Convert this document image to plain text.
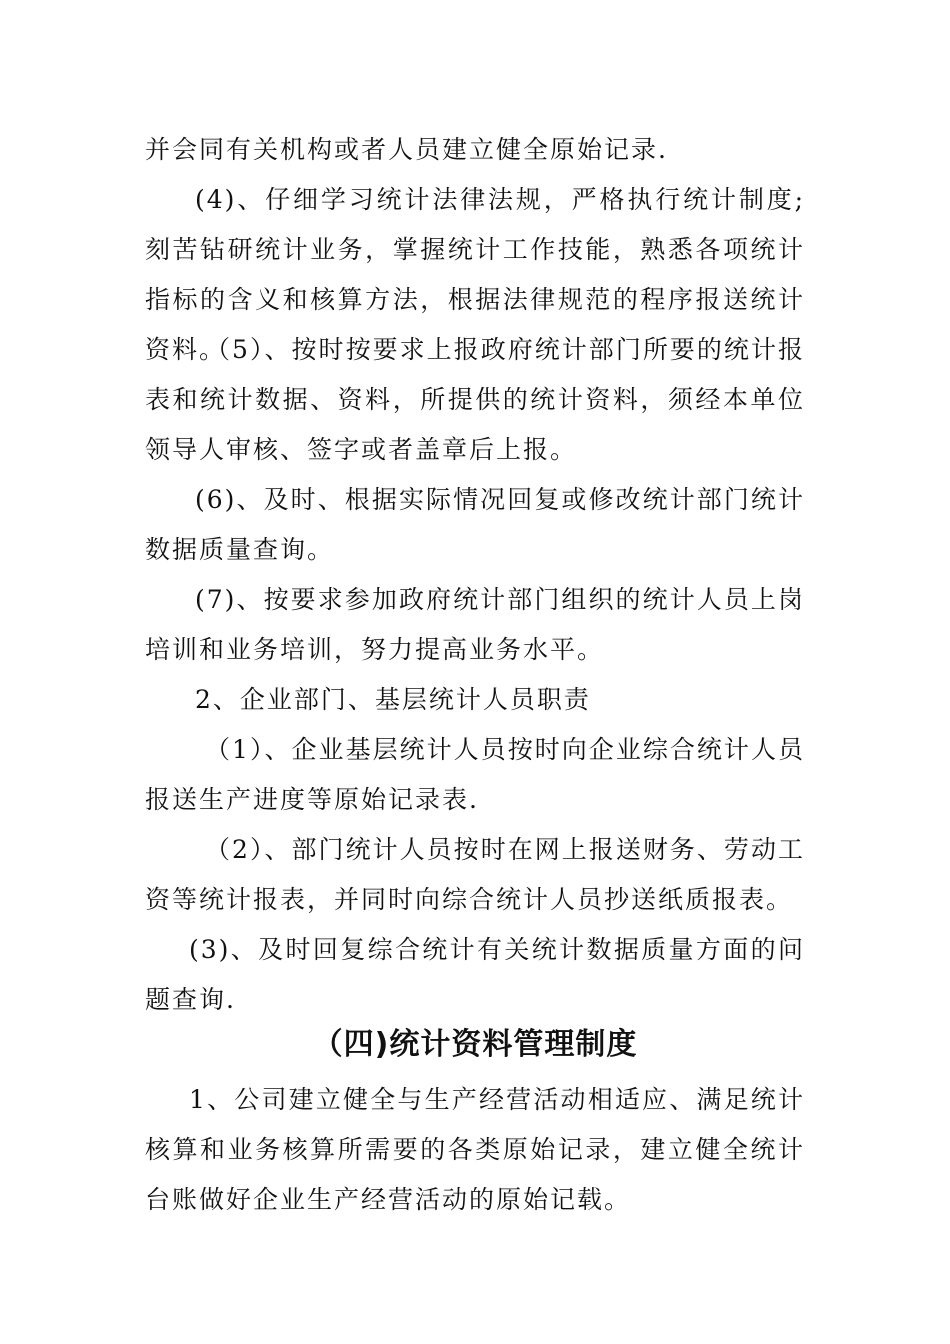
并会同有关机构或者人员建立健全原始记录.

(4)、仔细学习统计法律法规，严格执行统计制度;刻苦钻研统计业务，掌握统计工作技能，熟悉各项统计指标的含义和核算方法，根据法律规范的程序报送统计资料。

（5）、按时按要求上报政府统计部门所要的统计报表和统计数据、资料，所提供的统计资料，须经本单位领导人审核、签字或者盖章后上报。

(6)、及时、根据实际情况回复或修改统计部门统计数据质量查询。

(7)、按要求参加政府统计部门组织的统计人员上岗培训和业务培训，努力提高业务水平。

2、企业部门、基层统计人员职责

（1）、企业基层统计人员按时向企业综合统计人员报送生产进度等原始记录表.

（2）、部门统计人员按时在网上报送财务、劳动工资等统计报表，并同时向综合统计人员抄送纸质报表。

(3)、及时回复综合统计有关统计数据质量方面的问题查询.

（四)统计资料管理制度

1、公司建立健全与生产经营活动相适应、满足统计核算和业务核算所需要的各类原始记录，建立健全统计台账做好企业生产经营活动的原始记载。
